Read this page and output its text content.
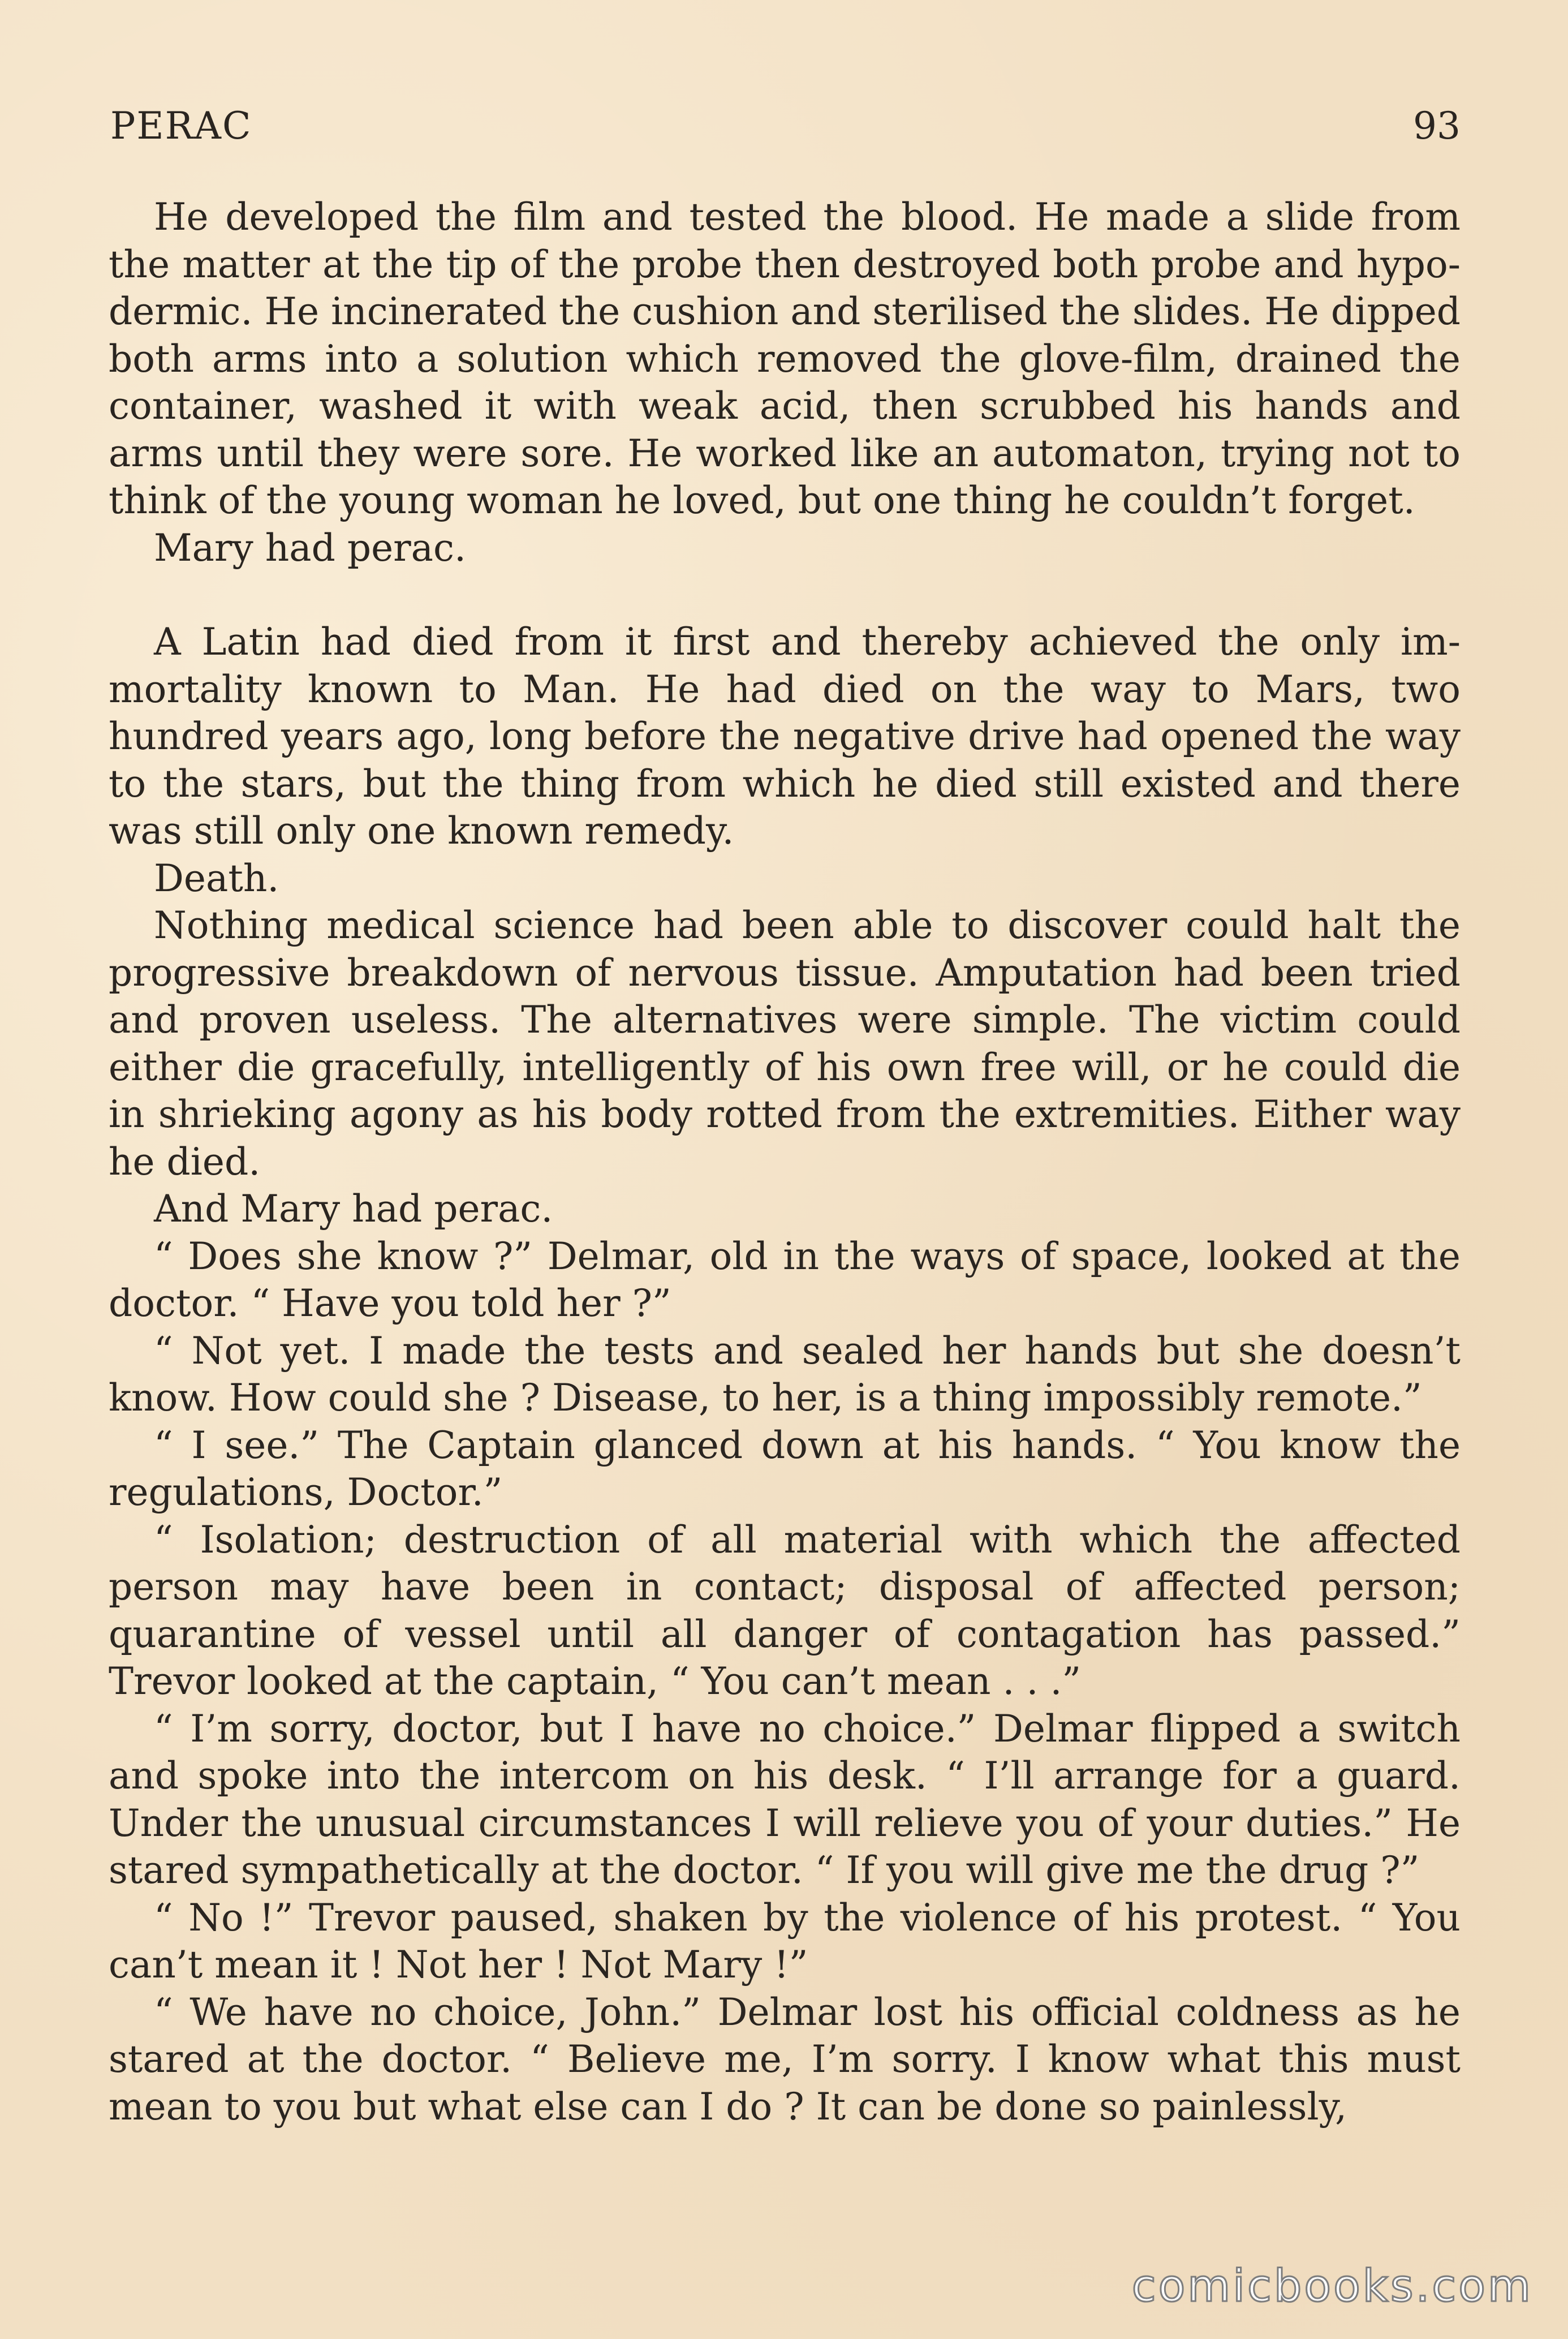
PERAC	93

He developed the film and tested the blood. He made a slide from the matter at the tip of the probe then destroyed both probe and hypodermic. He incinerated the cushion and sterilised the slides. He dipped both arms into a solution which removed the glove-film, drained the container, washed it with weak acid, then scrubbed his hands and arms until they were sore. He worked like an automaton, trying not to think of the young woman he loved, but one thing he couldn’t forget.

Mary had perac.

A Latin had died from it first and thereby achieved the only immortality known to Man. He had died on the way to Mars, two hundred years ago, long before the negative drive had opened the way to the stars, but the thing from which he died still existed and there was still only one known remedy.

Death.

Nothing medical science had been able to discover could halt the progressive breakdown of nervous tissue. Amputation had been tried and proven useless. The alternatives were simple. The victim could either die gracefully, intelligently of his own free will, or he could die in shrieking agony as his body rotted from the extremities. Either way he died.

And Mary had perac.

“ Does she know ?” Delmar, old in the ways of space, looked at the doctor. “ Have you told her ?”

“ Not yet. I made the tests and sealed her hands but she doesn’t know. How could she ? Disease, to her, is a thing impossibly remote.”

“ I see.” The Captain glanced down at his hands. “ You know the regulations, Doctor.”

“ Isolation; destruction of all material with which the affected person may have been in contact; disposal of affected person; quarantine of vessel until all danger of contagation has passed.” Trevor looked at the captain, “ You can’t mean . . .”

“ I’m sorry, doctor, but I have no choice.” Delmar flipped a switch and spoke into the intercom on his desk. “ I’ll arrange for a guard. Under the unusual circumstances I will relieve you of your duties.” He stared sympathetically at the doctor. “ If you will give me the drug ?”

“ No !” Trevor paused, shaken by the violence of his protest. “ You can’t mean it ! Not her ! Not Mary !”

“ We have no choice, John.” Delmar lost his official coldness as he stared at the doctor. “ Believe me, I’m sorry. I know what this must mean to you but what else can I do ? It can be done so painlessly,

comicbooks.com
